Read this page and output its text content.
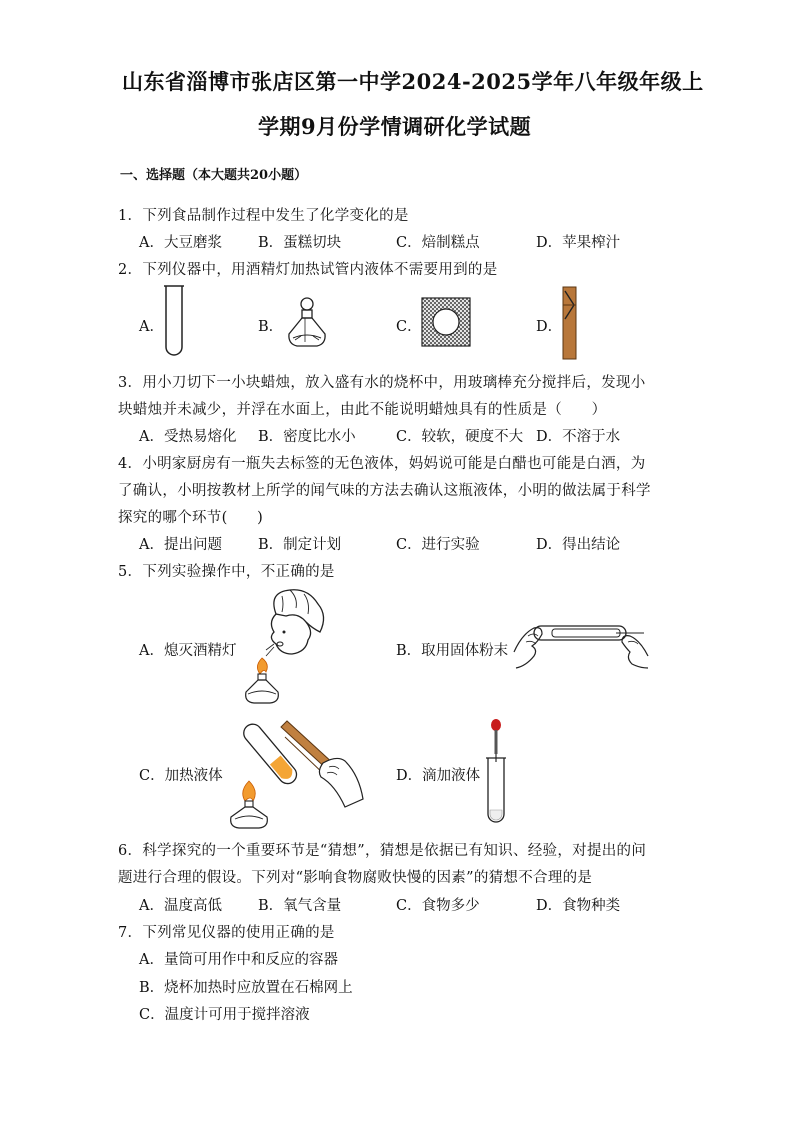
山东省淄博市张店区第一中学2024-2025学年八年级年级上
学期9月份学情调研化学试题
一、选择题（本大题共20小题）
1．下列食品制作过程中发生了化学变化的是
A．大豆磨浆 B．蛋糕切块	C．焙制糕点	D．苹果榨汁
2．下列仪器中，用酒精灯加热试管内液体不需要用到的是
A．	B．	C．	D．
3．用小刀切下一小块蜡烛，放入盛有水的烧杯中，用玻璃棒充分搅拌后，发现小
块蜡烛并未减少，并浮在水面上，由此不能说明蜡烛具有的性质是（　　）
A．受热易熔化 B．密度比水小	C．较软，硬度不大 D．不溶于水
4．小明家厨房有一瓶失去标签的无色液体，妈妈说可能是白醋也可能是白酒，为
了确认，小明按教材上所学的闻气味的方法去确认这瓶液体，小明的做法属于科学
探究的哪个环节(　　)
A．提出问题 B．制定计划	C．进行实验	D．得出结论
5．下列实验操作中，不正确的是
A．熄灭酒精灯	B．取用固体粉末
C．加热液体	D．滴加液体
6．科学探究的一个重要环节是“猜想”，猜想是依据已有知识、经验，对提出的问
题进行合理的假设。下列对“影响食物腐败快慢的因素”的猜想不合理的是
A．温度高低 B．氧气含量	C．食物多少	D．食物种类
7．下列常见仪器的使用正确的是
A．量筒可用作中和反应的容器
B．烧杯加热时应放置在石棉网上
C．温度计可用于搅拌溶液
